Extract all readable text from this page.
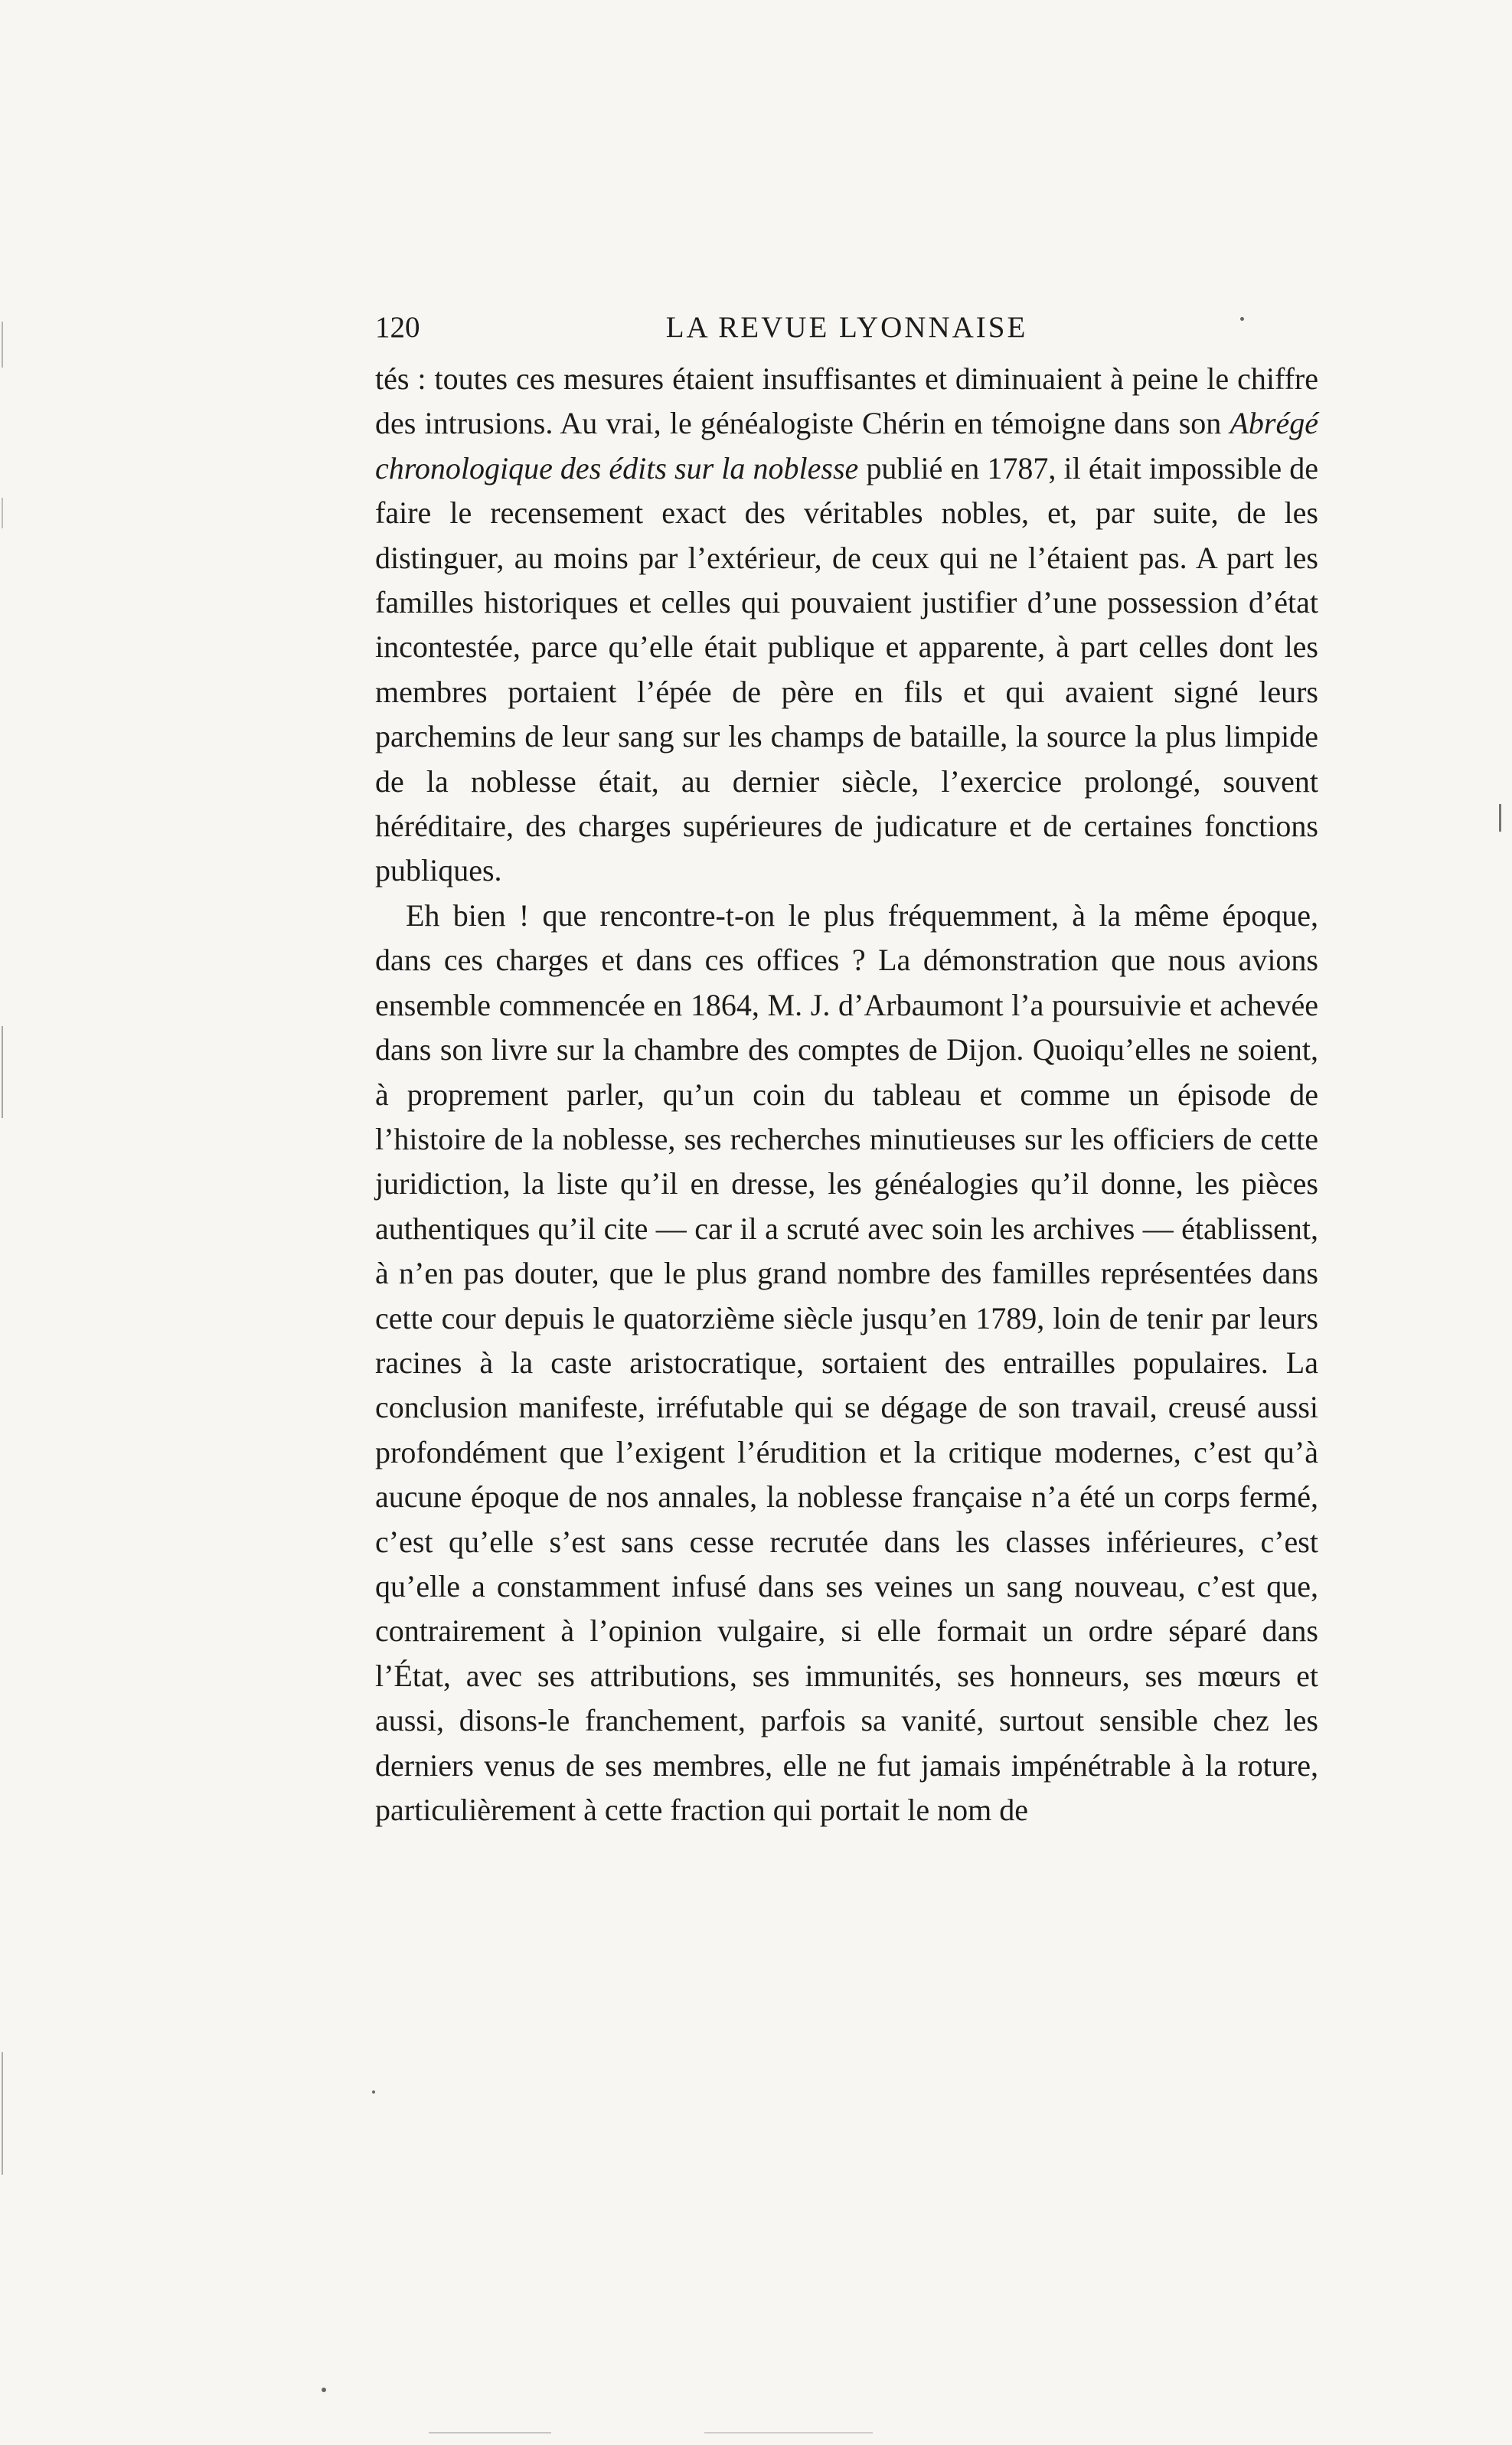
120	LA REVUE LYONNAISE

tés : toutes ces mesures étaient insuffisantes et diminuaient à peine le chiffre des intrusions. Au vrai, le généalogiste Chérin en témoigne dans son Abrégé chronologique des édits sur la noblesse publié en 1787, il était impossible de faire le recensement exact des véritables nobles, et, par suite, de les distinguer, au moins par l’extérieur, de ceux qui ne l’étaient pas. A part les familles historiques et celles qui pouvaient justifier d’une possession d’état incontestée, parce qu’elle était publique et apparente, à part celles dont les membres portaient l’épée de père en fils et qui avaient signé leurs parchemins de leur sang sur les champs de bataille, la source la plus limpide de la noblesse était, au dernier siècle, l’exercice prolongé, souvent héréditaire, des charges supérieures de judicature et de certaines fonctions publiques.

Eh bien ! que rencontre-t-on le plus fréquemment, à la même époque, dans ces charges et dans ces offices ? La démonstration que nous avions ensemble commencée en 1864, M. J. d’Arbaumont l’a poursuivie et achevée dans son livre sur la chambre des comptes de Dijon. Quoiqu’elles ne soient, à proprement parler, qu’un coin du tableau et comme un épisode de l’histoire de la noblesse, ses recherches minutieuses sur les officiers de cette juridiction, la liste qu’il en dresse, les généalogies qu’il donne, les pièces authentiques qu’il cite — car il a scruté avec soin les archives — établissent, à n’en pas douter, que le plus grand nombre des familles représentées dans cette cour depuis le quatorzième siècle jusqu’en 1789, loin de tenir par leurs racines à la caste aristocratique, sortaient des entrailles populaires. La conclusion manifeste, irréfutable qui se dégage de son travail, creusé aussi profondément que l’exigent l’érudition et la critique modernes, c’est qu’à aucune époque de nos annales, la noblesse française n’a été un corps fermé, c’est qu’elle s’est sans cesse recrutée dans les classes inférieures, c’est qu’elle a constamment infusé dans ses veines un sang nouveau, c’est que, contrairement à l’opinion vulgaire, si elle formait un ordre séparé dans l’État, avec ses attributions, ses immunités, ses honneurs, ses mœurs et aussi, disons-le franchement, parfois sa vanité, surtout sensible chez les derniers venus de ses membres, elle ne fut jamais impénétrable à la roture, particulièrement à cette fraction qui portait le nom de
